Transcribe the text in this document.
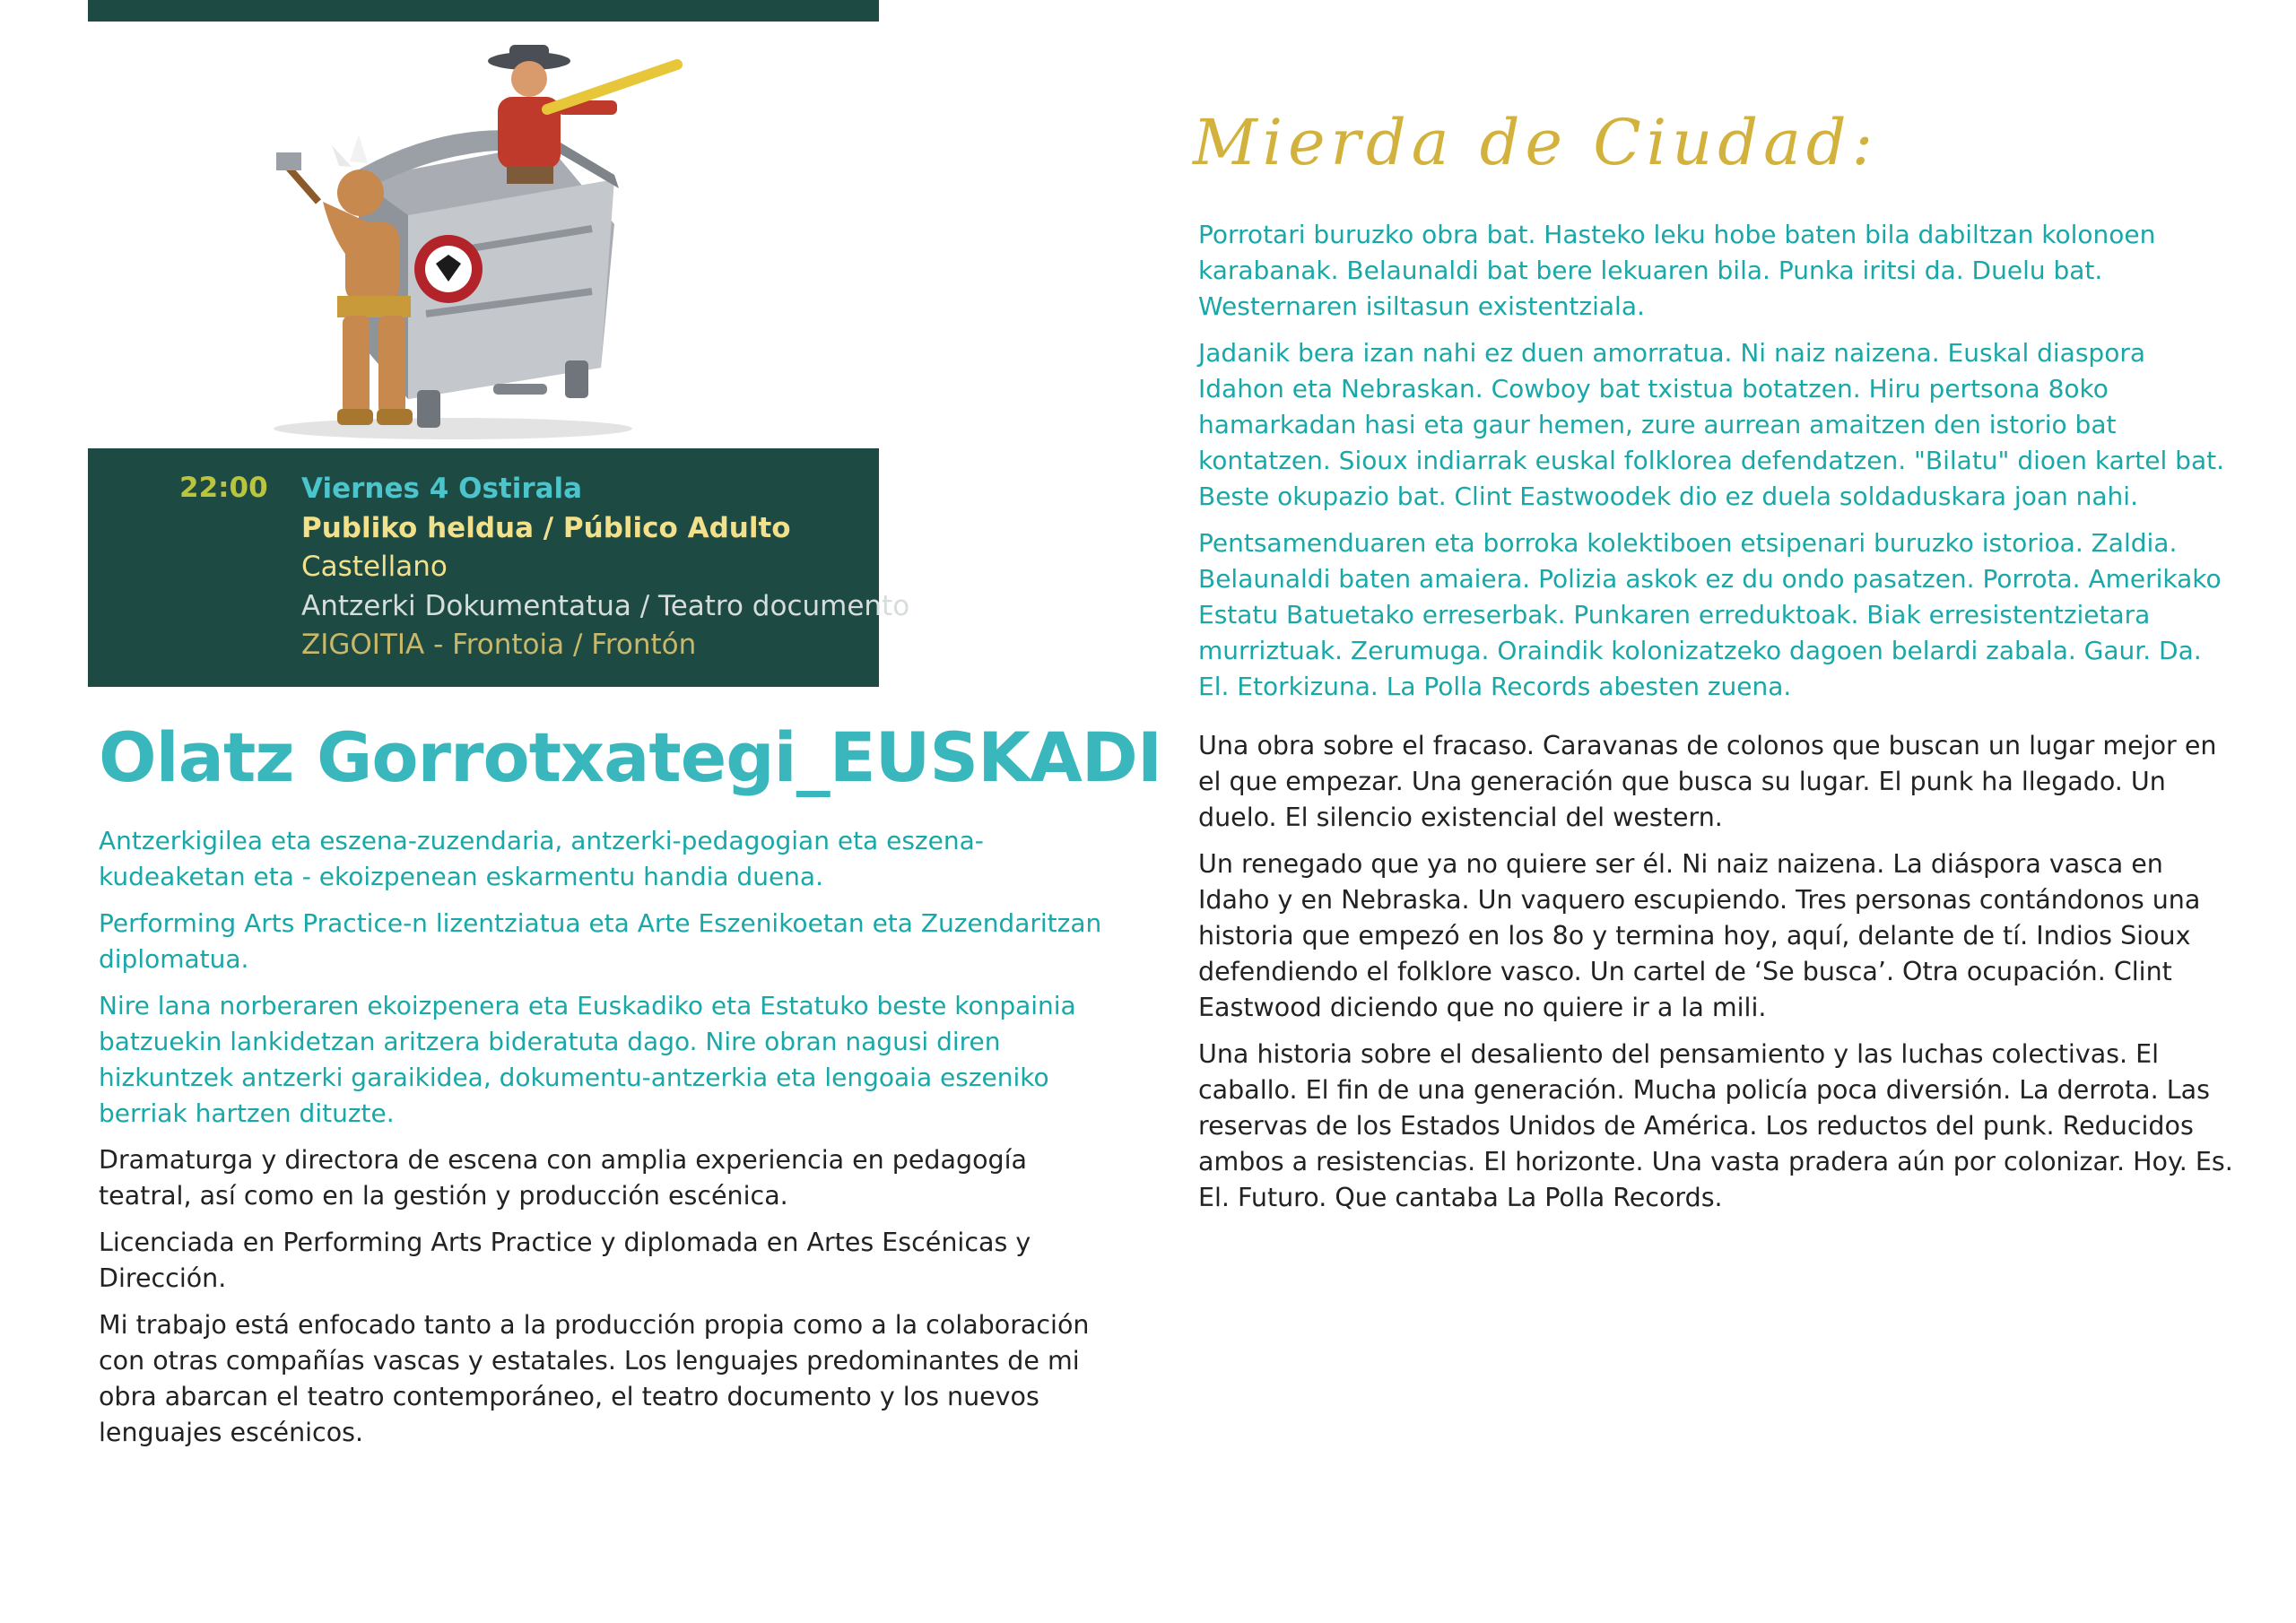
22:00 Viernes 4 Ostirala
Publiko heldua / Público Adulto
Castellano
Antzerki Dokumentatua / Teatro documento
ZIGOITIA - Frontoia / Frontón
Olatz Gorrotxategi_EUSKADI

Antzerkigilea eta eszena-zuzendaria, antzerki-pedagogian eta eszena-kudeaketan eta - ekoizpenean eskarmentu handia duena.

Performing Arts Practice-n lizentziatua eta Arte Eszenikoetan eta Zuzendaritzan diplomatua.

Nire lana norberaren ekoizpenera eta Euskadiko eta Estatuko beste konpainia batzuekin lankidetzan aritzera bideratuta dago. Nire obran nagusi diren hizkuntzek antzerki garaikidea, dokumentu-antzerkia eta lengoaia eszeniko berriak hartzen dituzte.

Dramaturga y directora de escena con amplia experiencia en pedagogía teatral, así como en la gestión y producción escénica.

Licenciada en Performing Arts Practice y diplomada en Artes Escénicas y Dirección.

Mi trabajo está enfocado tanto a la producción propia como a la colaboración con otras compañías vascas y estatales. Los lenguajes predominantes de mi obra abarcan el teatro contemporáneo, el teatro documento y los nuevos lenguajes escénicos.

Mierda de Ciudad:

Porrotari buruzko obra bat. Hasteko leku hobe baten bila dabiltzan kolonoen karabanak. Belaunaldi bat bere lekuaren bila. Punka iritsi da. Duelu bat. Westernaren isiltasun existentziala.

Jadanik bera izan nahi ez duen amorratua. Ni naiz naizena. Euskal diaspora Idahon eta Nebraskan. Cowboy bat txistua botatzen. Hiru pertsona 8oko hamarkadan hasi eta gaur hemen, zure aurrean amaitzen den istorio bat kontatzen. Sioux indiarrak euskal folklorea defendatzen. "Bilatu" dioen kartel bat. Beste okupazio bat. Clint Eastwoodek dio ez duela soldaduskara joan nahi.

Pentsamenduaren eta borroka kolektiboen etsipenari buruzko istorioa. Zaldia. Belaunaldi baten amaiera. Polizia askok ez du ondo pasatzen. Porrota. Amerikako Estatu Batuetako erreserbak. Punkaren erreduktoak. Biak erresistentzietara murriztuak. Zerumuga. Oraindik kolonizatzeko dagoen belardi zabala. Gaur. Da. El. Etorkizuna. La Polla Records abesten zuena.

Una obra sobre el fracaso. Caravanas de colonos que buscan un lugar mejor en el que empezar. Una generación que busca su lugar. El punk ha llegado. Un duelo. El silencio existencial del western.

Un renegado que ya no quiere ser él. Ni naiz naizena. La diáspora vasca en Idaho y en Nebraska. Un vaquero escupiendo. Tres personas contándonos una historia que empezó en los 8o y termina hoy, aquí, delante de tí. Indios Sioux defendiendo el folklore vasco. Un cartel de ‘Se busca’. Otra ocupación. Clint Eastwood diciendo que no quiere ir a la mili.

Una historia sobre el desaliento del pensamiento y las luchas colectivas. El caballo. El fin de una generación. Mucha policía poca diversión. La derrota. Las reservas de los Estados Unidos de América. Los reductos del punk. Reducidos ambos a resistencias. El horizonte. Una vasta pradera aún por colonizar. Hoy. Es. El. Futuro. Que cantaba La Polla Records.
